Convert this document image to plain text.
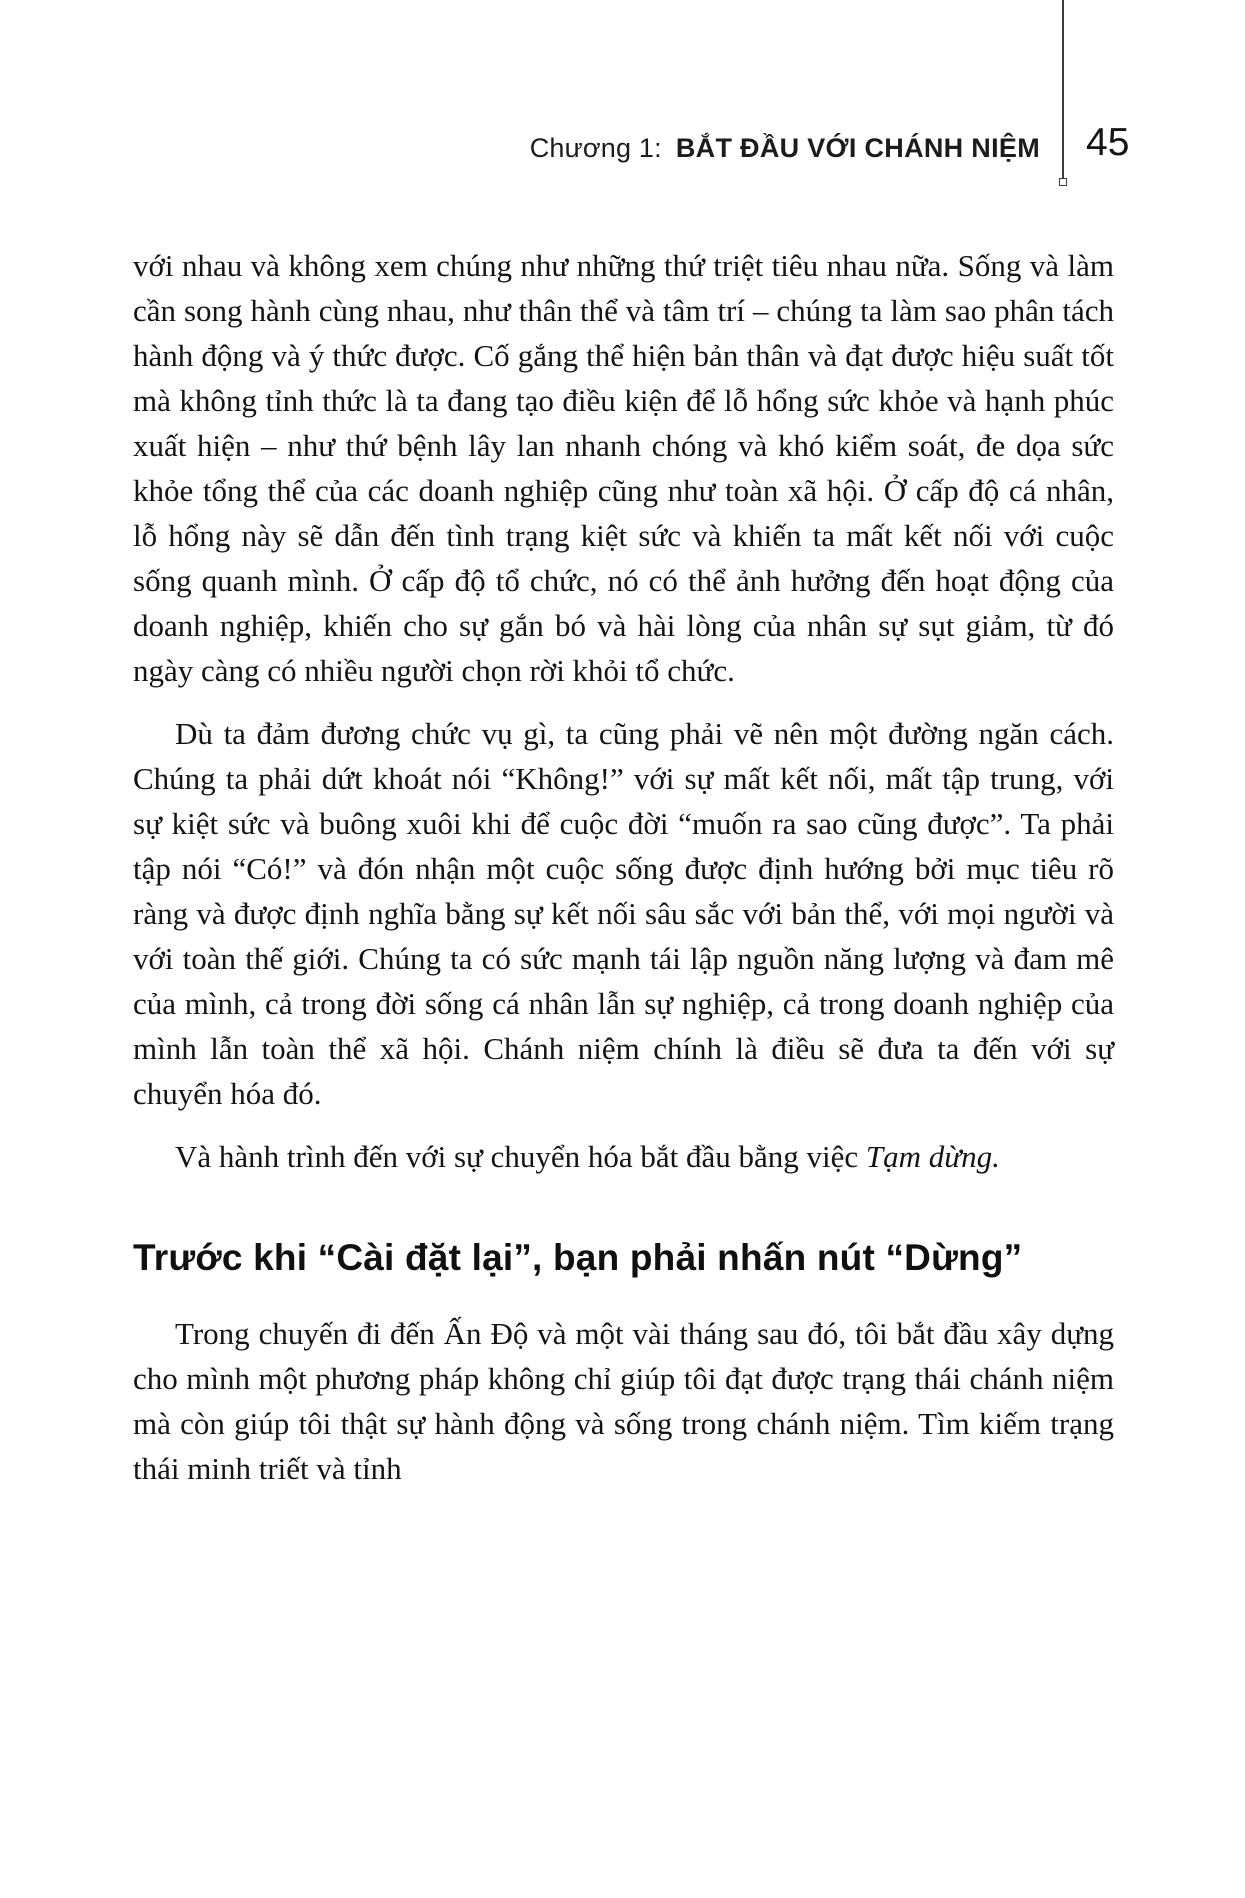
Chương 1: BẮT ĐẦU VỚI CHÁNH NIỆM 45

với nhau và không xem chúng như những thứ triệt tiêu nhau nữa. Sống và làm cần song hành cùng nhau, như thân thể và tâm trí – chúng ta làm sao phân tách hành động và ý thức được. Cố gắng thể hiện bản thân và đạt được hiệu suất tốt mà không tỉnh thức là ta đang tạo điều kiện để lỗ hổng sức khỏe và hạnh phúc xuất hiện – như thứ bệnh lây lan nhanh chóng và khó kiểm soát, đe dọa sức khỏe tổng thể của các doanh nghiệp cũng như toàn xã hội. Ở cấp độ cá nhân, lỗ hổng này sẽ dẫn đến tình trạng kiệt sức và khiến ta mất kết nối với cuộc sống quanh mình. Ở cấp độ tổ chức, nó có thể ảnh hưởng đến hoạt động của doanh nghiệp, khiến cho sự gắn bó và hài lòng của nhân sự sụt giảm, từ đó ngày càng có nhiều người chọn rời khỏi tổ chức.

Dù ta đảm đương chức vụ gì, ta cũng phải vẽ nên một đường ngăn cách. Chúng ta phải dứt khoát nói “Không!” với sự mất kết nối, mất tập trung, với sự kiệt sức và buông xuôi khi để cuộc đời “muốn ra sao cũng được”. Ta phải tập nói “Có!” và đón nhận một cuộc sống được định hướng bởi mục tiêu rõ ràng và được định nghĩa bằng sự kết nối sâu sắc với bản thể, với mọi người và với toàn thế giới. Chúng ta có sức mạnh tái lập nguồn năng lượng và đam mê của mình, cả trong đời sống cá nhân lẫn sự nghiệp, cả trong doanh nghiệp của mình lẫn toàn thể xã hội. Chánh niệm chính là điều sẽ đưa ta đến với sự chuyển hóa đó.

Và hành trình đến với sự chuyển hóa bắt đầu bằng việc Tạm dừng.

Trước khi “Cài đặt lại”, bạn phải nhấn nút “Dừng”

Trong chuyến đi đến Ấn Độ và một vài tháng sau đó, tôi bắt đầu xây dựng cho mình một phương pháp không chỉ giúp tôi đạt được trạng thái chánh niệm mà còn giúp tôi thật sự hành động và sống trong chánh niệm. Tìm kiếm trạng thái minh triết và tỉnh
